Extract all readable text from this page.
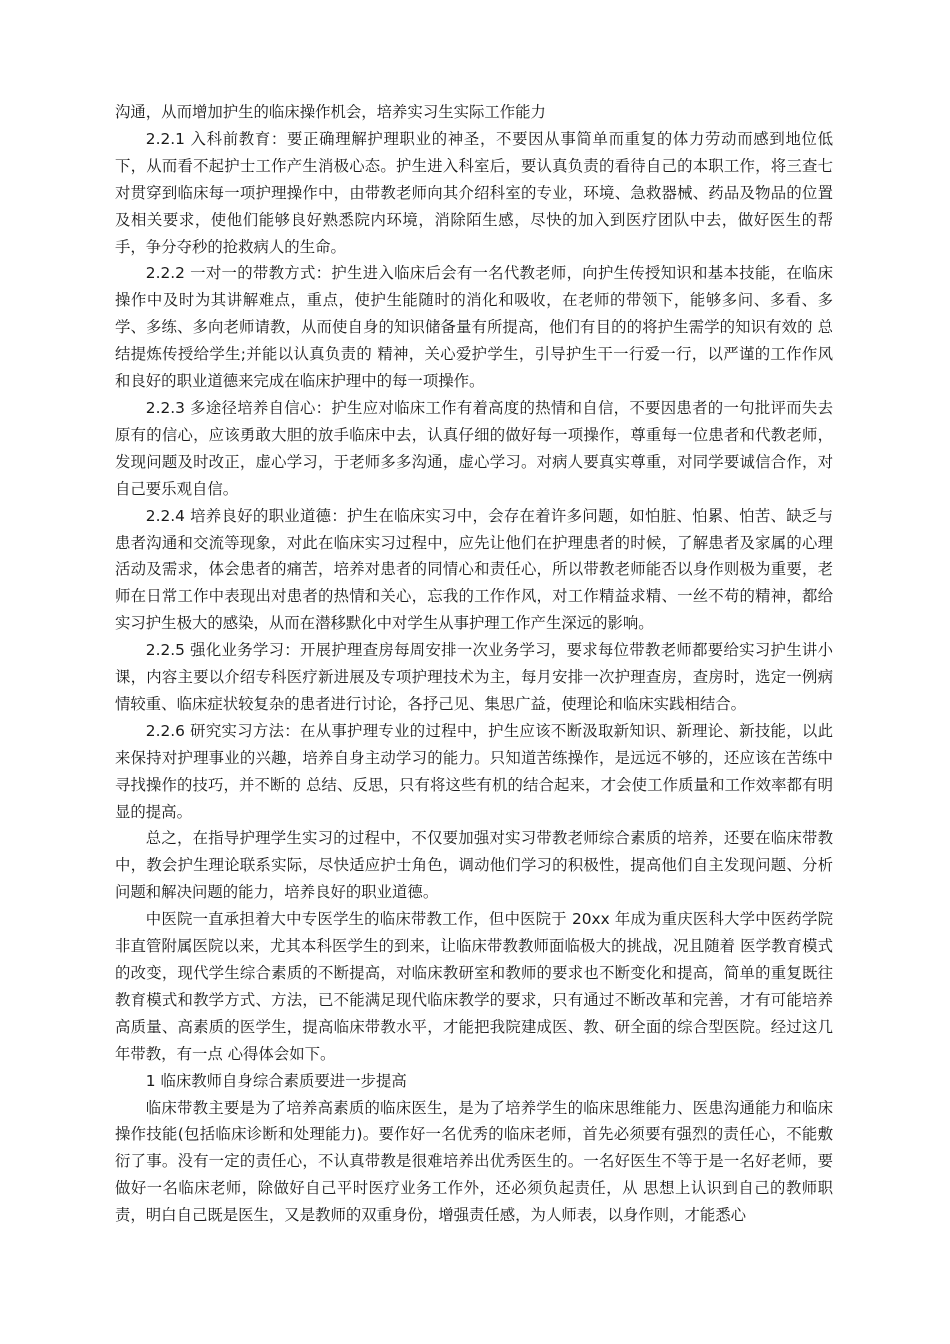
沟通，从而增加护生的临床操作机会，培养实习生实际工作能力

2.2.1 入科前教育：要正确理解护理职业的神圣，不要因从事简单而重复的体力劳动而感到地位低下，从而看不起护士工作产生消极心态。护生进入科室后，要认真负责的看待自己的本职工作，将三查七对贯穿到临床每一项护理操作中，由带教老师向其介绍科室的专业，环境、急救器械、药品及物品的位置及相关要求，使他们能够良好熟悉院内环境，消除陌生感，尽快的加入到医疗团队中去，做好医生的帮手，争分夺秒的抢救病人的生命。

2.2.2 一对一的带教方式：护生进入临床后会有一名代教老师，向护生传授知识和基本技能，在临床操作中及时为其讲解难点，重点，使护生能随时的消化和吸收，在老师的带领下，能够多问、多看、多学、多练、多向老师请教，从而使自身的知识储备量有所提高，他们有目的的将护生需学的知识有效的 总结提炼传授给学生;并能以认真负责的 精神，关心爱护学生，引导护生干一行爱一行，以严谨的工作作风和良好的职业道德来完成在临床护理中的每一项操作。

2.2.3 多途径培养自信心：护生应对临床工作有着高度的热情和自信，不要因患者的一句批评而失去原有的信心，应该勇敢大胆的放手临床中去，认真仔细的做好每一项操作，尊重每一位患者和代教老师，发现问题及时改正，虚心学习，于老师多多沟通，虚心学习。对病人要真实尊重，对同学要诚信合作，对自己要乐观自信。

2.2.4 培养良好的职业道德：护生在临床实习中，会存在着许多问题，如怕脏、怕累、怕苦、缺乏与患者沟通和交流等现象，对此在临床实习过程中，应先让他们在护理患者的时候，了解患者及家属的心理活动及需求，体会患者的痛苦，培养对患者的同情心和责任心，所以带教老师能否以身作则极为重要，老师在日常工作中表现出对患者的热情和关心，忘我的工作作风，对工作精益求精、一丝不苟的精神，都给实习护生极大的感染，从而在潜移默化中对学生从事护理工作产生深远的影响。

2.2.5 强化业务学习：开展护理查房每周安排一次业务学习，要求每位带教老师都要给实习护生讲小课，内容主要以介绍专科医疗新进展及专项护理技术为主，每月安排一次护理查房，查房时，选定一例病情较重、临床症状较复杂的患者进行讨论，各抒己见、集思广益，使理论和临床实践相结合。

2.2.6 研究实习方法：在从事护理专业的过程中，护生应该不断汲取新知识、新理论、新技能，以此来保持对护理事业的兴趣，培养自身主动学习的能力。只知道苦练操作，是远远不够的，还应该在苦练中寻找操作的技巧，并不断的 总结、反思，只有将这些有机的结合起来，才会使工作质量和工作效率都有明显的提高。

总之，在指导护理学生实习的过程中，不仅要加强对实习带教老师综合素质的培养，还要在临床带教中，教会护生理论联系实际，尽快适应护士角色，调动他们学习的积极性，提高他们自主发现问题、分析问题和解决问题的能力，培养良好的职业道德。

中医院一直承担着大中专医学生的临床带教工作，但中医院于 20xx 年成为重庆医科大学中医药学院非直管附属医院以来，尤其本科医学生的到来，让临床带教教师面临极大的挑战，况且随着 医学教育模式的改变，现代学生综合素质的不断提高，对临床教研室和教师的要求也不断变化和提高，简单的重复既往教育模式和教学方式、方法，已不能满足现代临床教学的要求，只有通过不断改革和完善，才有可能培养高质量、高素质的医学生，提高临床带教水平，才能把我院建成医、教、研全面的综合型医院。经过这几年带教，有一点 心得体会如下。

1 临床教师自身综合素质要进一步提高

临床带教主要是为了培养高素质的临床医生，是为了培养学生的临床思维能力、医患沟通能力和临床操作技能(包括临床诊断和处理能力)。要作好一名优秀的临床老师，首先必须要有强烈的责任心，不能敷衍了事。没有一定的责任心，不认真带教是很难培养出优秀医生的。一名好医生不等于是一名好老师，要做好一名临床老师，除做好自己平时医疗业务工作外，还必须负起责任，从 思想上认识到自己的教师职责，明白自己既是医生，又是教师的双重身份，增强责任感，为人师表，以身作则，才能悉心
